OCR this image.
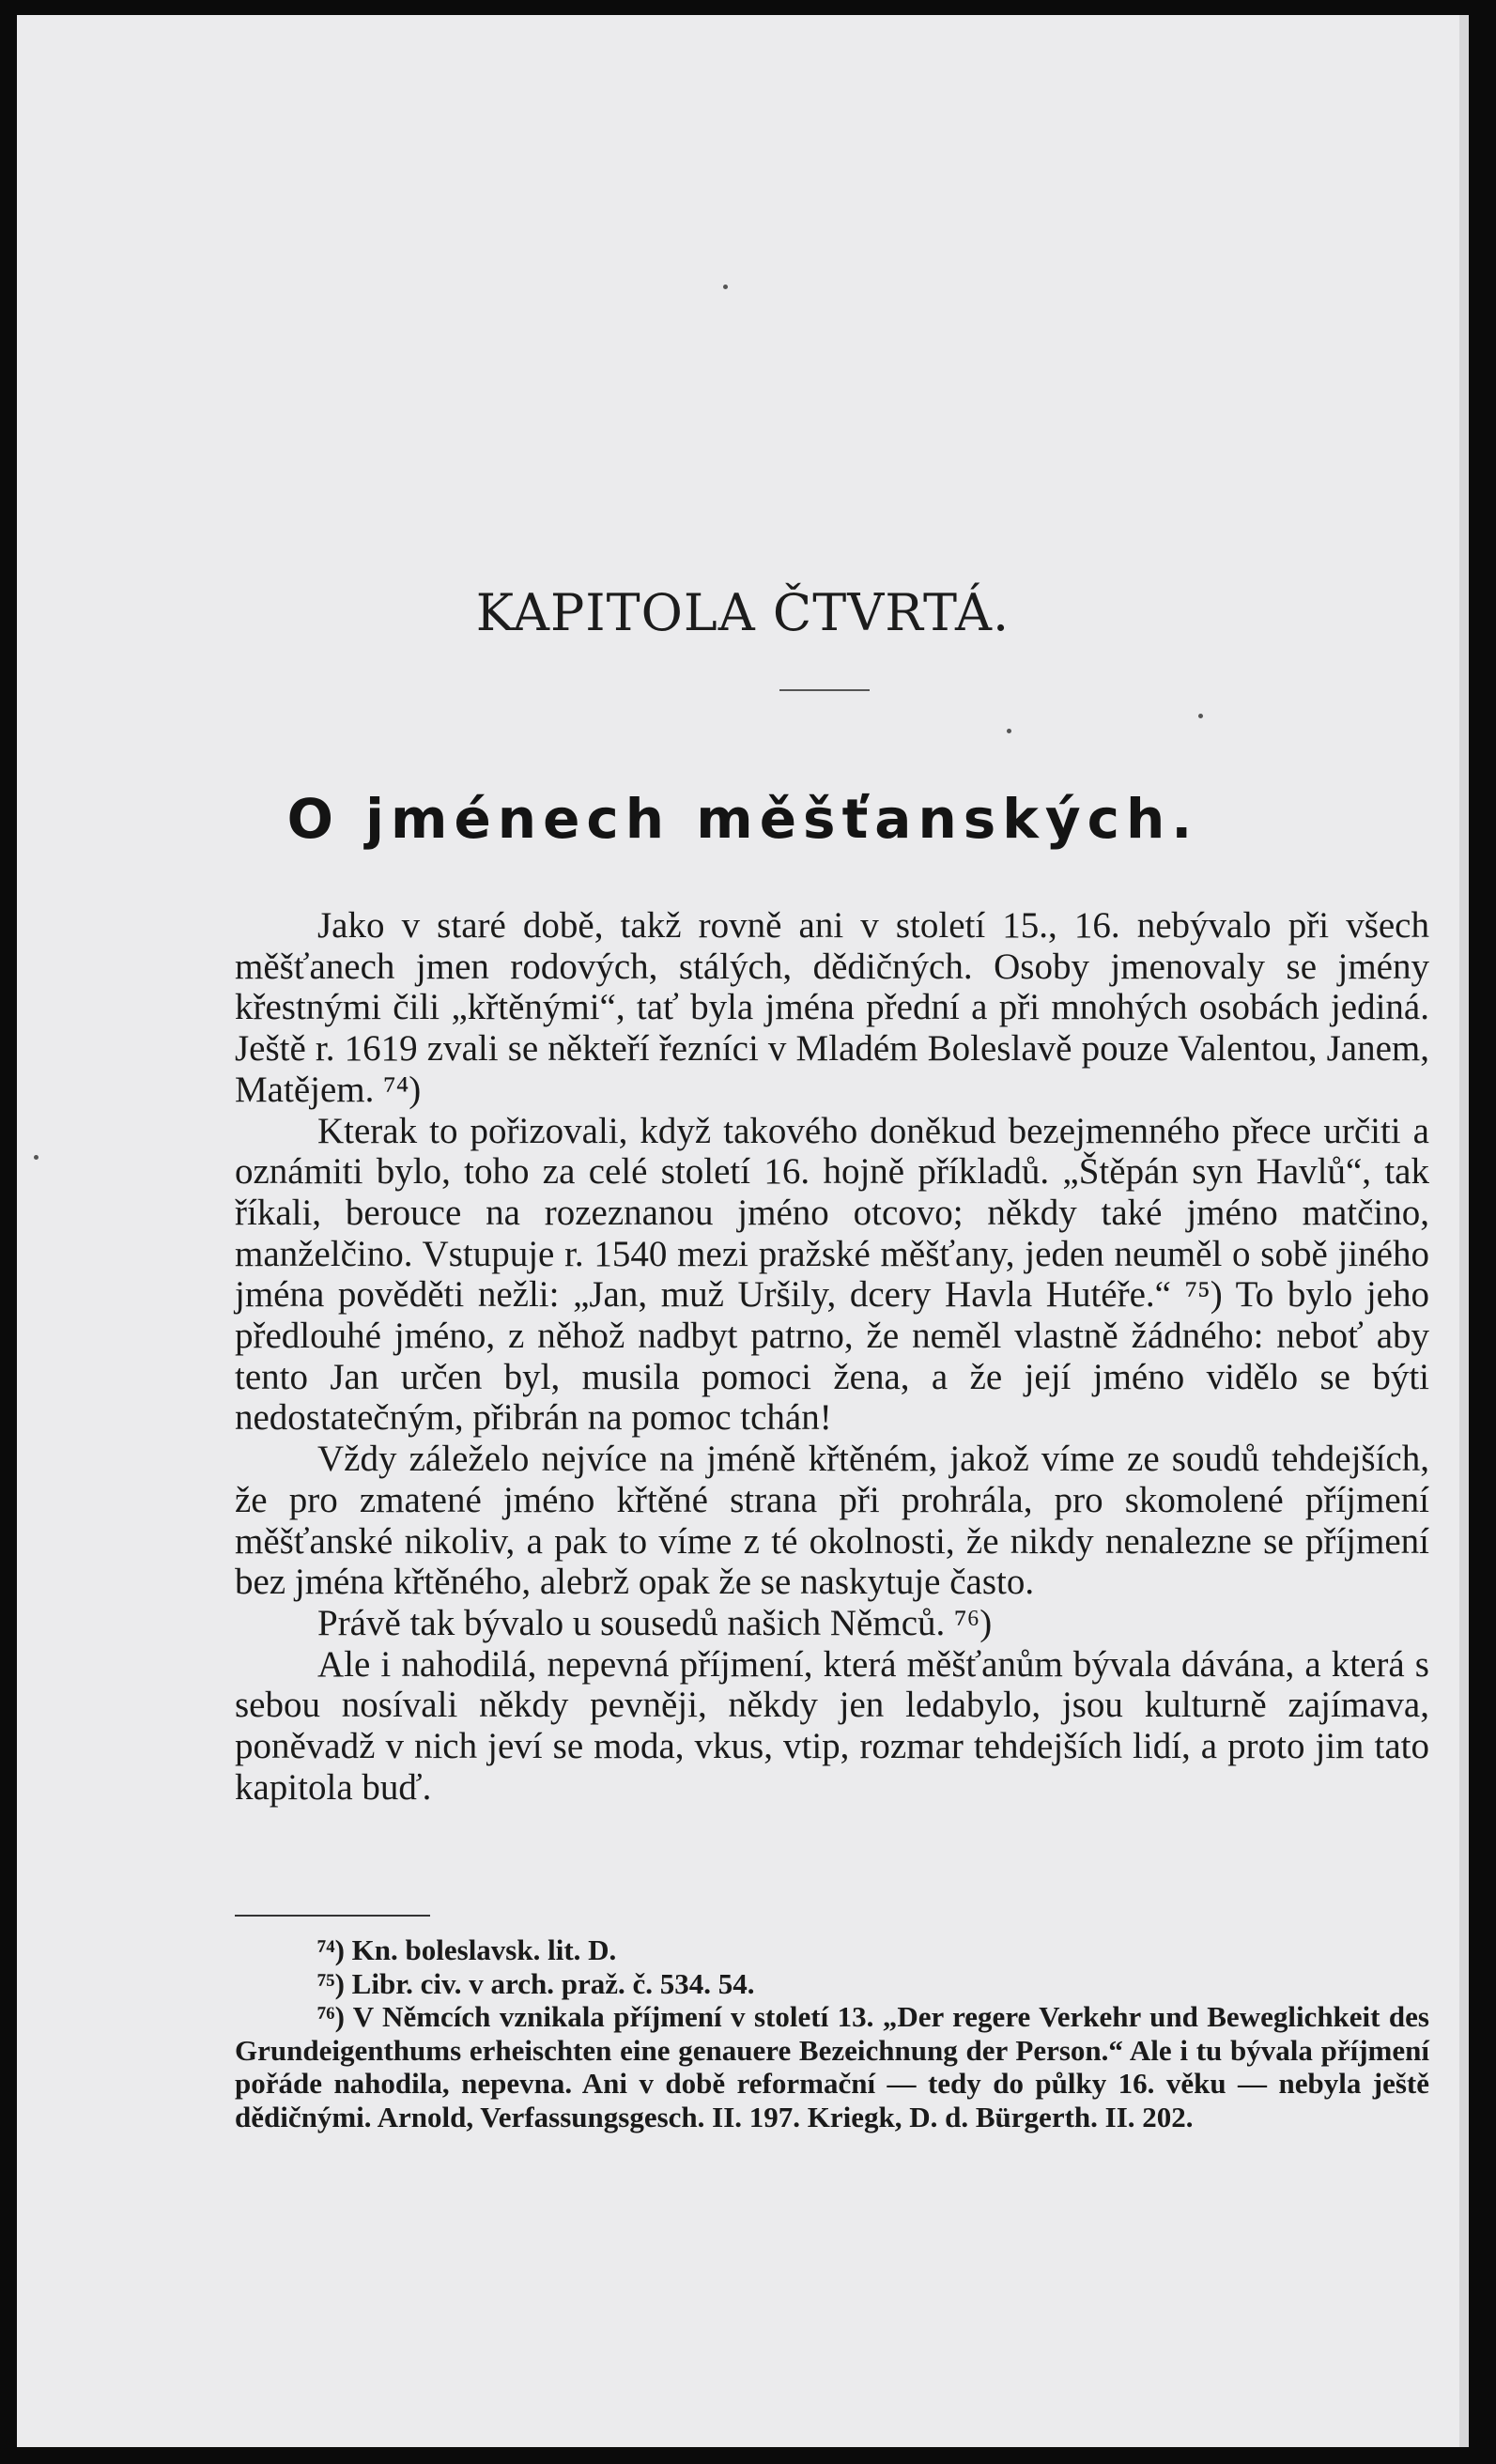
KAPITOLA ČTVRTÁ.
O jménech měšťanských.

Jako v staré době, takž rovně ani v století 15., 16. nebývalo při všech měšťanech jmen rodových, stálých, dědičných. Osoby jmenovaly se jmény křestnými čili „křtěnými“, tať byla jména přední a při mnohých osobách jediná. Ještě r. 1619 zvali se někteří řezníci v Mladém Boleslavě pouze Valentou, Janem, Matějem. ⁷⁴)

Kterak to pořizovali, když takového doněkud bezejmenného přece určiti a oznámiti bylo, toho za celé století 16. hojně příkladů. „Štěpán syn Havlů“, tak říkali, berouce na rozeznanou jméno otcovo; někdy také jméno matčino, manželčino. Vstupuje r. 1540 mezi pražské měšťany, jeden neuměl o sobě jiného jména pověděti nežli: „Jan, muž Uršily, dcery Havla Hutéře.“ ⁷⁵) To bylo jeho předlouhé jméno, z něhož nadbyt patrno, že neměl vlastně žádného: neboť aby tento Jan určen byl, musila pomoci žena, a že její jméno vidělo se býti nedostatečným, přibrán na pomoc tchán!

Vždy záleželo nejvíce na jméně křtěném, jakož víme ze soudů tehdejších, že pro zmatené jméno křtěné strana při prohrála, pro skomolené příjmení měšťanské nikoliv, a pak to víme z té okolnosti, že nikdy nenalezne se příjmení bez jména křtěného, alebrž opak že se naskytuje často.

Právě tak bývalo u sousedů našich Němců. ⁷⁶)

Ale i nahodilá, nepevná příjmení, která měšťanům bývala dávána, a která s sebou nosívali někdy pevněji, někdy jen ledabylo, jsou kulturně zajímava, poněvadž v nich jeví se moda, vkus, vtip, rozmar tehdejších lidí, a proto jim tato kapitola buď.

⁷⁴) Kn. boleslavsk. lit. D.

⁷⁵) Libr. civ. v arch. praž. č. 534. 54.

⁷⁶) V Němcích vznikala příjmení v století 13. „Der regere Verkehr und Beweglichkeit des Grundeigenthums erheischten eine genauere Bezeichnung der Person.“ Ale i tu bývala příjmení pořáde nahodila, nepevna. Ani v době reformační — tedy do půlky 16. věku — nebyla ještě dědičnými. Arnold, Verfassungsgesch. II. 197. Kriegk, D. d. Bürgerth. II. 202.
